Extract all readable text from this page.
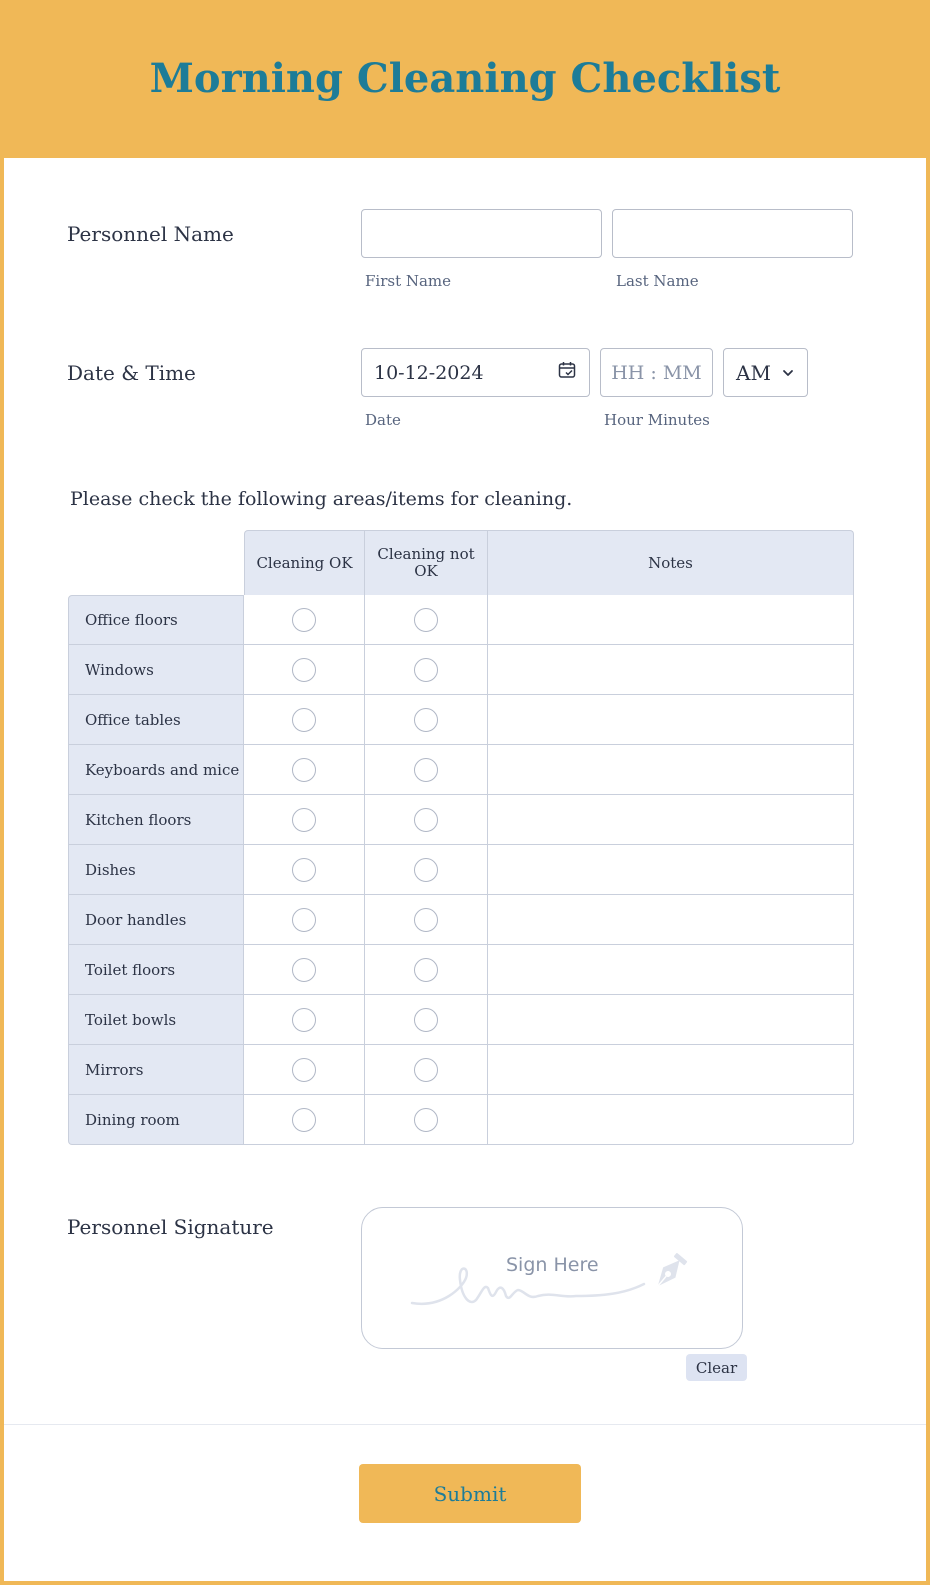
Morning Cleaning Checklist
Personnel Name
First Name	Last Name
Date & Time	10-12-2024
Date
HH : MM
Hour Minutes
AM
Please check the following areas/items for cleaning.
	Cleaning OK	Cleaning not OK	Notes
Office floors			
Windows			
Office tables			
Keyboards and mice			
Kitchen floors			
Dishes			
Door handles			
Toilet floors			
Toilet bowls			
Mirrors			
Dining room			
Personnel Signature
Sign Here
Clear
Submit
